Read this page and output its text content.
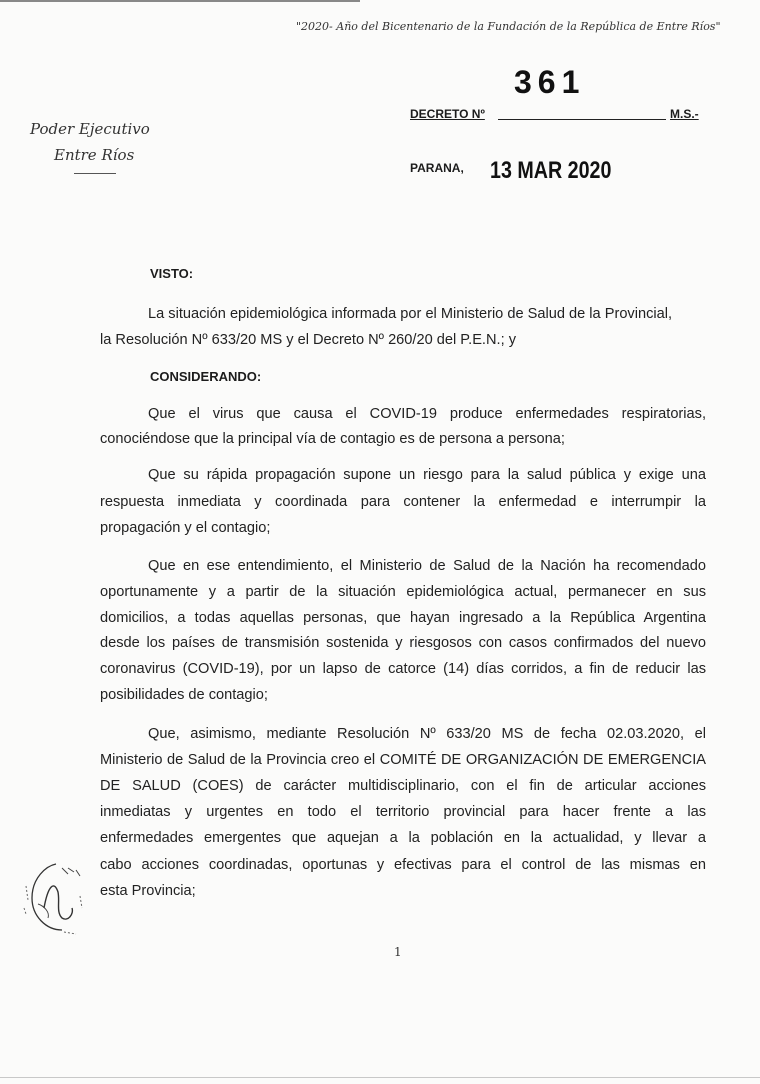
"2020- Año del Bicentenario de la Fundación de la República de Entre Ríos"
Poder Ejecutivo
Entre Ríos
DECRETO Nº
361
M.S.-
PARANA, 13 MAR 2020
VISTO:
La situación epidemiológica informada por el Ministerio de Salud de la Provincial,
la Resolución Nº 633/20 MS y el Decreto Nº 260/20 del P.E.N.; y
CONSIDERANDO:
Que el virus que causa el COVID-19 produce enfermedades respiratorias,
conociéndose que la principal vía de contagio es de persona a persona;
Que su rápida propagación supone un riesgo para la salud pública y exige una
respuesta inmediata y coordinada para contener la enfermedad e interrumpir la
propagación y el contagio;
Que en ese entendimiento, el Ministerio de Salud de la Nación ha recomendado
oportunamente y a partir de la situación epidemiológica actual, permanecer en sus
domicilios, a todas aquellas personas, que hayan ingresado a la República Argentina
desde los países de transmisión sostenida y riesgosos con casos confirmados del nuevo
coronavirus (COVID-19), por un lapso de catorce (14) días corridos, a fin de reducir las
posibilidades de contagio;
Que, asimismo, mediante Resolución Nº 633/20 MS de fecha 02.03.2020, el
Ministerio de Salud de la Provincia creo el COMITÉ DE ORGANIZACIÓN DE EMERGENCIA
DE SALUD (COES) de carácter multidisciplinario, con el fin de articular acciones
inmediatas y urgentes en todo el territorio provincial para hacer frente a las
enfermedades emergentes que aquejan a la población en la actualidad, y llevar a
cabo acciones coordinadas, oportunas y efectivas para el control de las mismas en
esta Provincia;
1
